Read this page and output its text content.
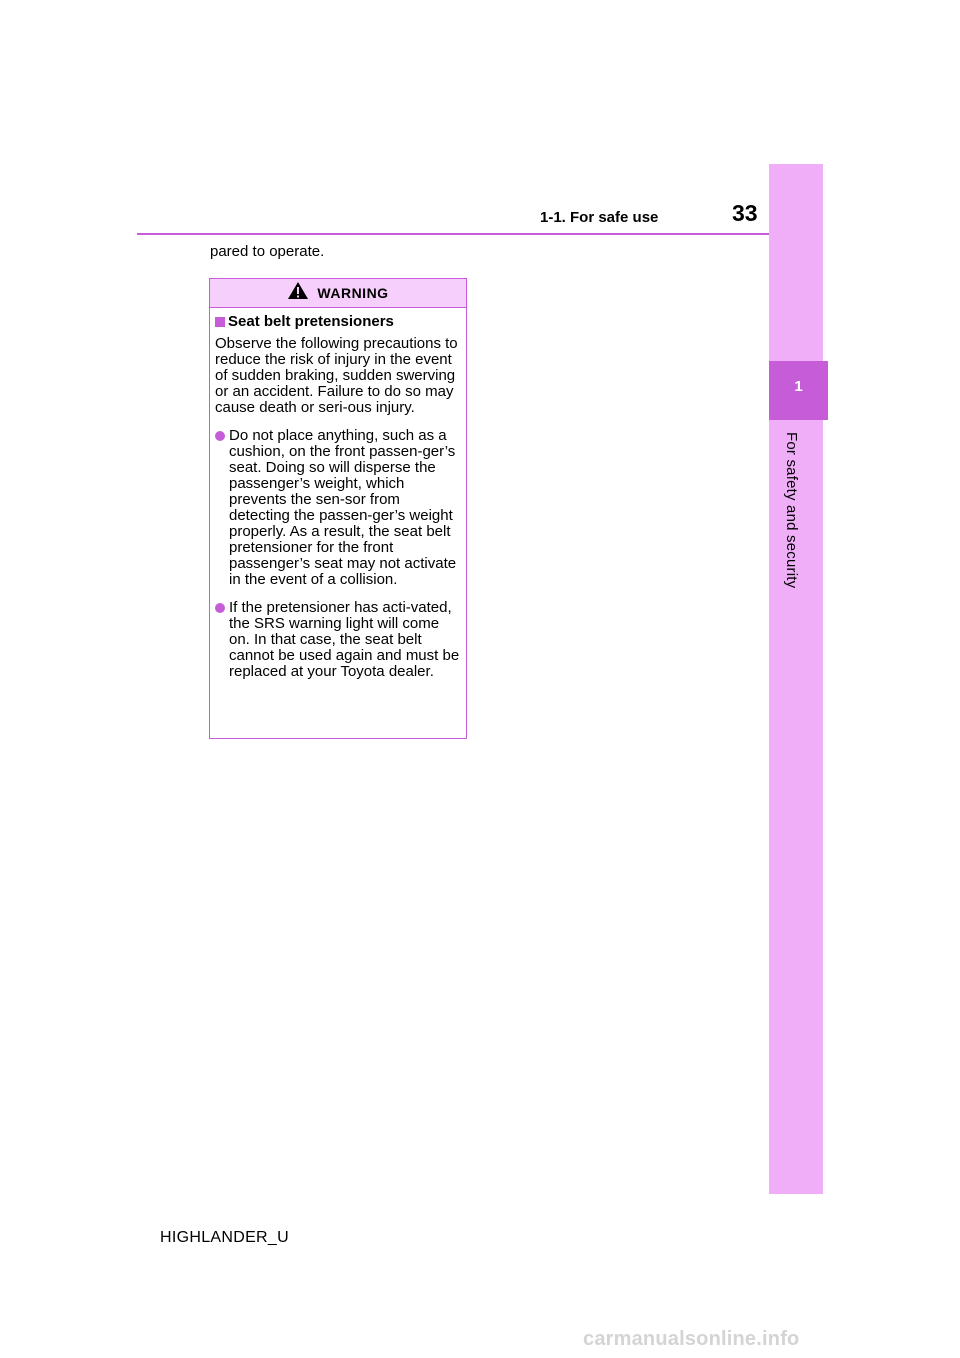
1-1. For safe use	33
1
For safety and security
pared to operate.
WARNING
Seat belt pretensioners

Observe the following precautions to reduce the risk of injury in the event of sudden braking, sudden swerving or an accident. Failure to do so may cause death or seri-ous injury.

Do not place anything, such as a cushion, on the front passen-ger’s seat. Doing so will disperse the passenger’s weight, which prevents the sen-sor from detecting the passen-ger’s weight properly. As a result, the seat belt pretensioner for the front passenger’s seat may not activate in the event of a collision.
If the pretensioner has acti-vated, the SRS warning light will come on. In that case, the seat belt cannot be used again and must be replaced at your Toyota dealer.
HIGHLANDER_U
carmanualsonline.info
